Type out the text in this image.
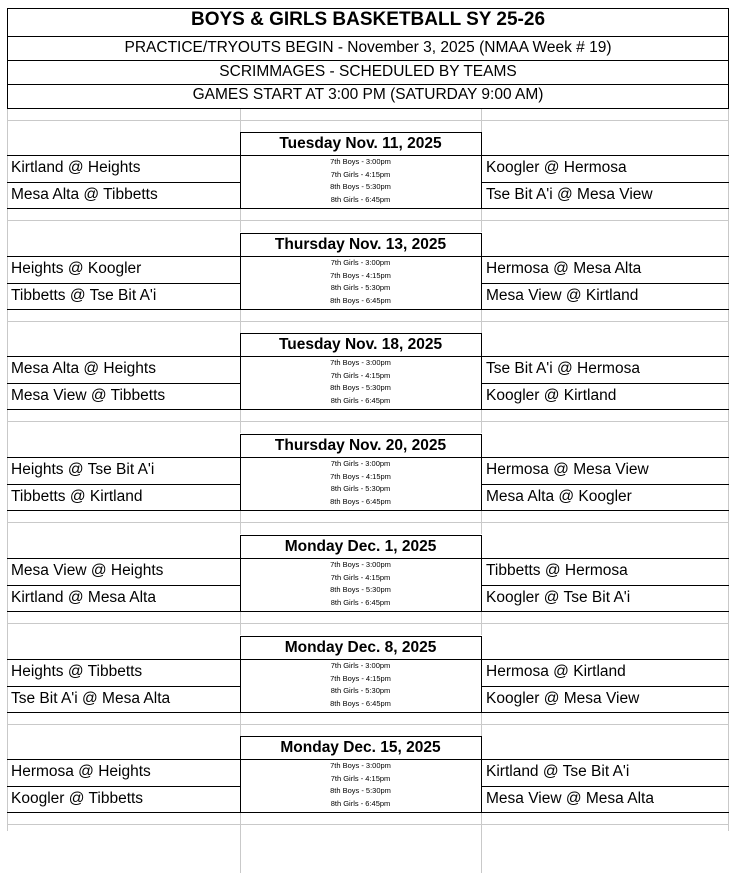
BOYS & GIRLS BASKETBALL SY 25-26
PRACTICE/TRYOUTS BEGIN - November 3, 2025 (NMAA Week # 19)
SCRIMMAGES - SCHEDULED BY TEAMS
GAMES START AT 3:00 PM (SATURDAY 9:00 AM)
Tuesday Nov. 11, 2025
Kirtland @ Heights
Mesa Alta @ Tibbetts
Koogler @ Hermosa
Tse Bit A'i @ Mesa View
7th Boys - 3:00pm
7th Girls - 4:15pm
8th Boys - 5:30pm
8th Girls - 6:45pm
Thursday Nov. 13, 2025
Heights @ Koogler
Tibbetts @ Tse Bit A'i
Hermosa @ Mesa Alta
Mesa View @ Kirtland
7th Girls - 3:00pm
7th Boys - 4:15pm
8th Girls - 5:30pm
8th Boys - 6:45pm
Tuesday Nov. 18, 2025
Mesa Alta @ Heights
Mesa View @ Tibbetts
Tse Bit A'i @ Hermosa
Koogler @ Kirtland
7th Boys - 3:00pm
7th Girls - 4:15pm
8th Boys - 5:30pm
8th Girls - 6:45pm
Thursday Nov. 20, 2025
Heights @ Tse Bit A'i
Tibbetts @ Kirtland
Hermosa @ Mesa View
Mesa Alta @ Koogler
7th Girls - 3:00pm
7th Boys - 4:15pm
8th Girls - 5:30pm
8th Boys - 6:45pm
Monday Dec. 1, 2025
Mesa View @ Heights
Kirtland @ Mesa Alta
Tibbetts @ Hermosa
Koogler @ Tse Bit A'i
7th Boys - 3:00pm
7th Girls - 4:15pm
8th Boys - 5:30pm
8th Girls - 6:45pm
Monday Dec. 8, 2025
Heights @ Tibbetts
Tse Bit A'i @ Mesa Alta
Hermosa @ Kirtland
Koogler @ Mesa View
7th Girls - 3:00pm
7th Boys - 4:15pm
8th Girls - 5:30pm
8th Boys - 6:45pm
Monday Dec. 15, 2025
Hermosa @ Heights
Koogler @ Tibbetts
Kirtland @ Tse Bit A'i
Mesa View @ Mesa Alta
7th Boys - 3:00pm
7th Girls - 4:15pm
8th Boys - 5:30pm
8th Girls - 6:45pm
